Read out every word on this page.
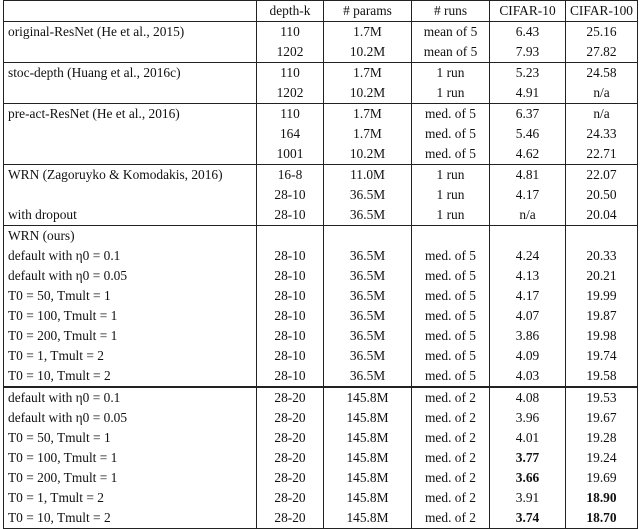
	depth-k	# params	# runs	CIFAR-10	CIFAR-100
original-ResNet (He et al., 2015)	110	1.7M	mean of 5	6.43	25.16
	1202	10.2M	mean of 5	7.93	27.82
stoc-depth (Huang et al., 2016c)	110	1.7M	1 run	5.23	24.58
	1202	10.2M	1 run	4.91	n/a
pre-act-ResNet (He et al., 2016)	110	1.7M	med. of 5	6.37	n/a
	164	1.7M	med. of 5	5.46	24.33
	1001	10.2M	med. of 5	4.62	22.71
WRN (Zagoruyko & Komodakis, 2016)	16-8	11.0M	1 run	4.81	22.07
	28-10	36.5M	1 run	4.17	20.50
with dropout	28-10	36.5M	1 run	n/a	20.04
WRN (ours)					
default with η0 = 0.1	28-10	36.5M	med. of 5	4.24	20.33
default with η0 = 0.05	28-10	36.5M	med. of 5	4.13	20.21
T0 = 50, Tmult = 1	28-10	36.5M	med. of 5	4.17	19.99
T0 = 100, Tmult = 1	28-10	36.5M	med. of 5	4.07	19.87
T0 = 200, Tmult = 1	28-10	36.5M	med. of 5	3.86	19.98
T0 = 1, Tmult = 2	28-10	36.5M	med. of 5	4.09	19.74
T0 = 10, Tmult = 2	28-10	36.5M	med. of 5	4.03	19.58
default with η0 = 0.1	28-20	145.8M	med. of 2	4.08	19.53
default with η0 = 0.05	28-20	145.8M	med. of 2	3.96	19.67
T0 = 50, Tmult = 1	28-20	145.8M	med. of 2	4.01	19.28
T0 = 100, Tmult = 1	28-20	145.8M	med. of 2	3.77	19.24
T0 = 200, Tmult = 1	28-20	145.8M	med. of 2	3.66	19.69
T0 = 1, Tmult = 2	28-20	145.8M	med. of 2	3.91	18.90
T0 = 10, Tmult = 2	28-20	145.8M	med. of 2	3.74	18.70
